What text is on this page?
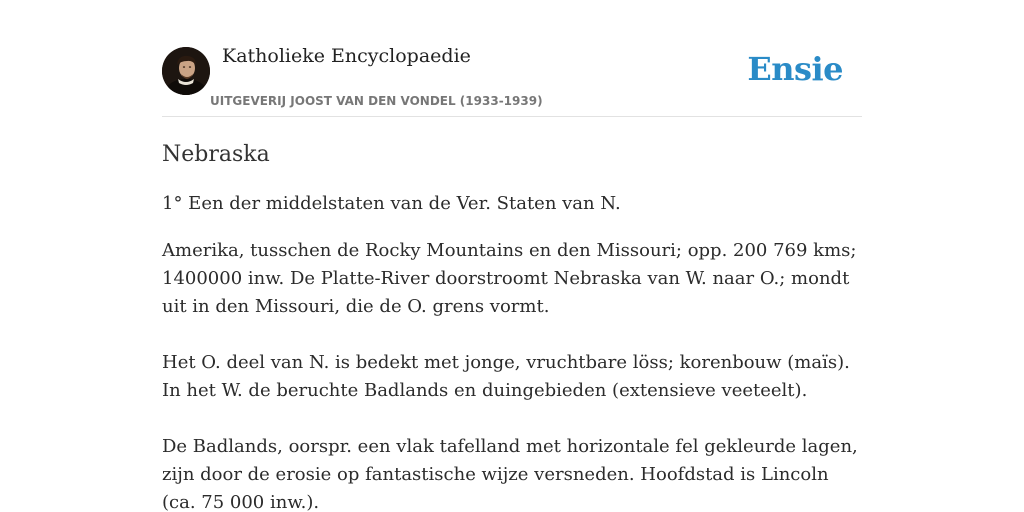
Katholieke Encyclopaedie
UITGEVERIJ JOOST VAN DEN VONDEL (1933-1939)
Ensie
Nebraska

1° Een der middelstaten van de Ver. Staten van N.

Amerika, tusschen de Rocky Mountains en den Missouri; opp. 200 769 kms; 1400000 inw. De Platte-River doorstroomt Nebraska van W. naar O.; mondt uit in den Missouri, die de O. grens vormt.

Het O. deel van N. is bedekt met jonge, vruchtbare löss; korenbouw (maïs). In het W. de beruchte Badlands en duingebieden (extensieve veeteelt).

De Badlands, oorspr. een vlak tafelland met horizontale fel gekleurde lagen, zijn door de erosie op fantastische wijze versneden. Hoofdstad is Lincoln (ca. 75 000 inw.).
